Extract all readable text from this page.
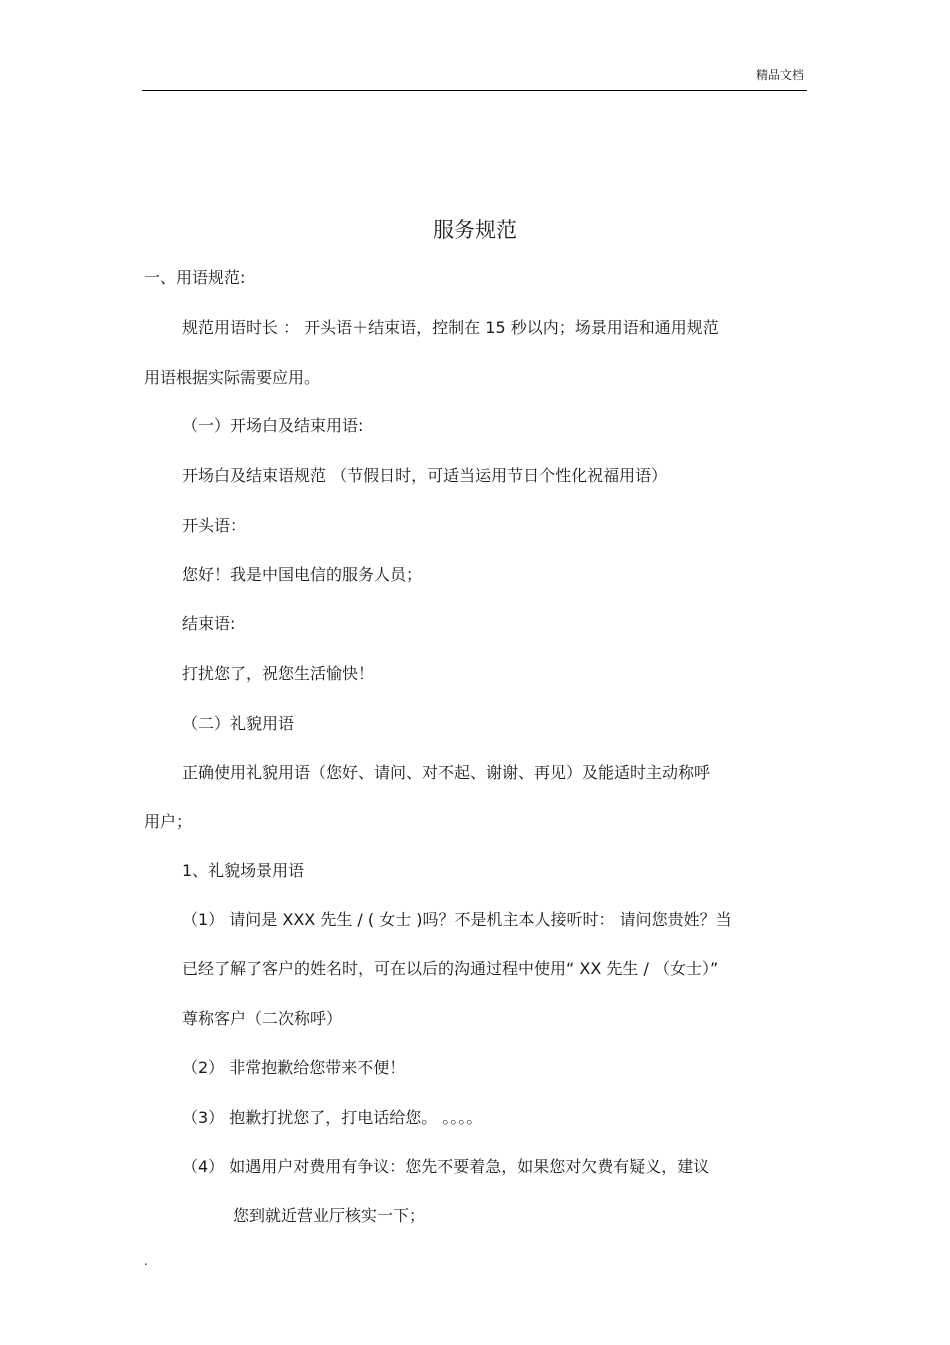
精品文档
服务规范
一、用语规范:
规范用语时长 ： 开头语＋结束语，控制在 15 秒以内；场景用语和通用规范
用语根据实际需要应用。
（一）开场白及结束用语:
开场白及结束语规范 （节假日时，可适当运用节日个性化祝福用语）
开头语：
您好！我是中国电信的服务人员；
结束语:
打扰您了，祝您生活愉快！
（二）礼貌用语
正确使用礼貌用语（您好、请问、对不起、谢谢、再见）及能适时主动称呼
用户；
1、礼貌场景用语
（1） 请问是 XXX 先生 / ( 女士 )吗？不是机主本人接听时： 请问您贵姓？当
已经了解了客户的姓名时，可在以后的沟通过程中使用“ XX 先生 / （女士）”
尊称客户（二次称呼）
（2） 非常抱歉给您带来不便！
（3） 抱歉打扰您了，打电话给您。 。。。。
（4） 如遇用户对费用有争议：您先不要着急，如果您对欠费有疑义，建议
您到就近营业厅核实一下；
.
